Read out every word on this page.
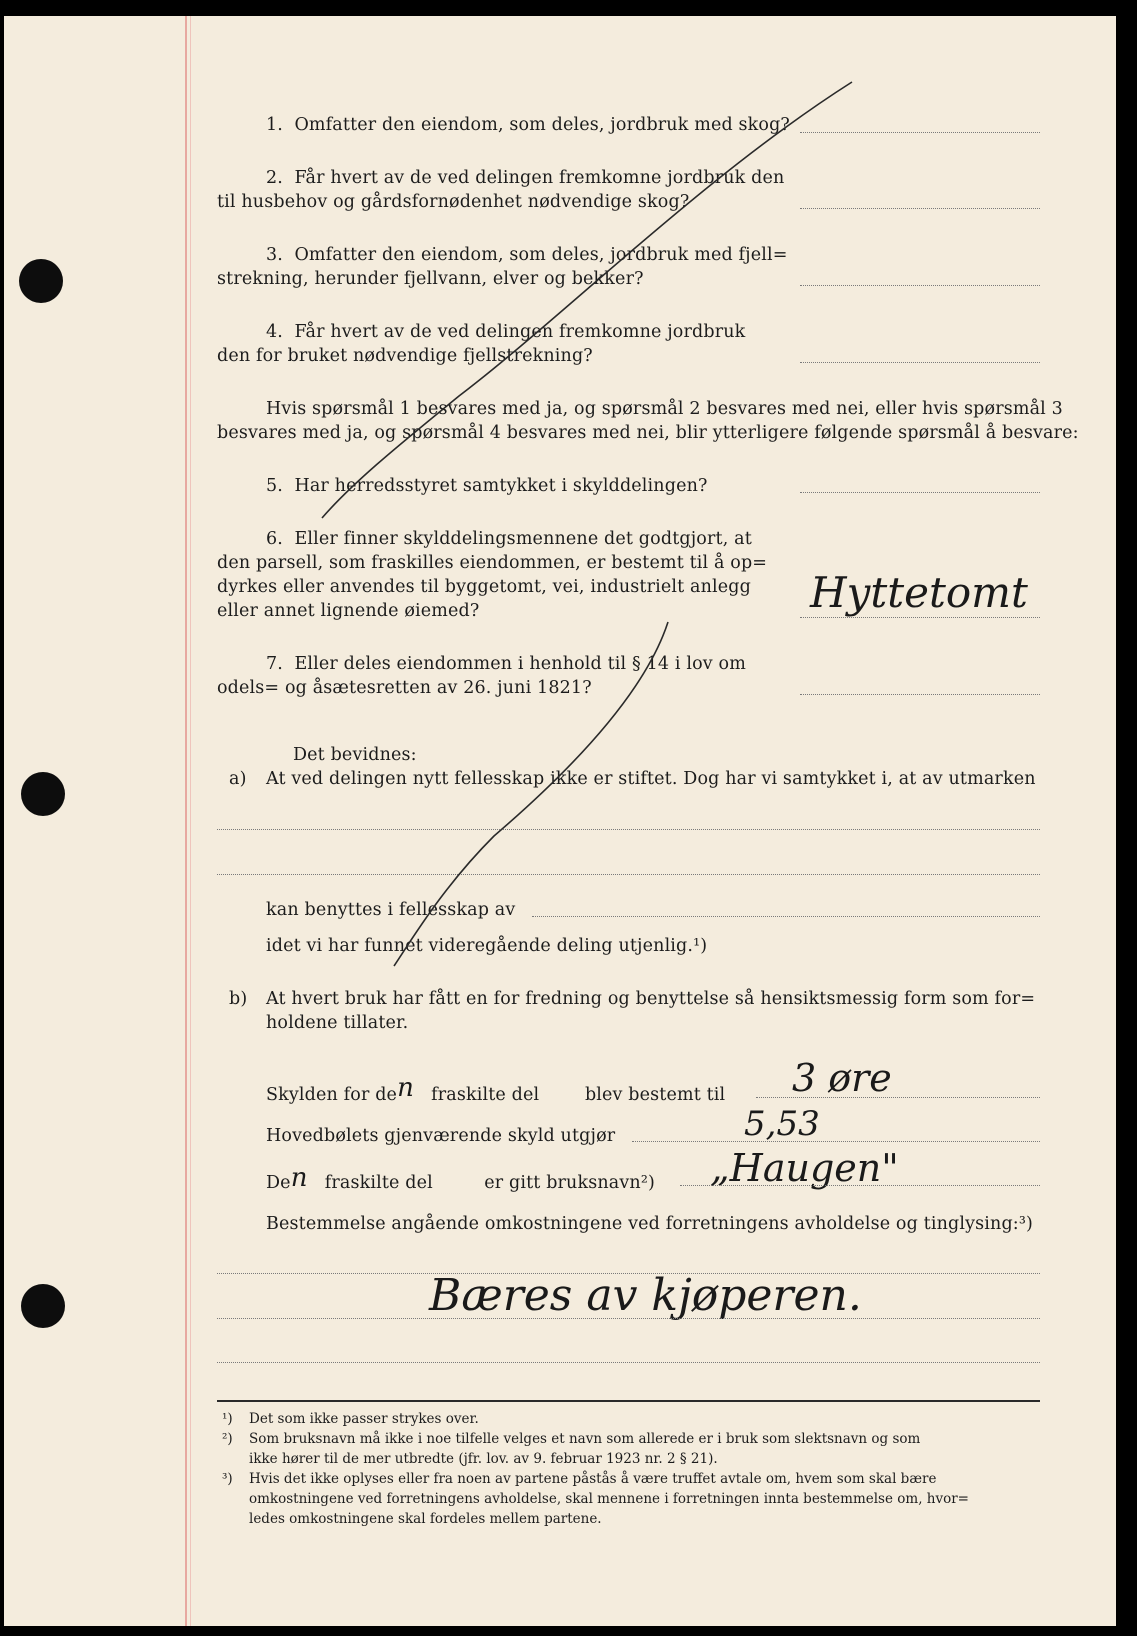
1. Omfatter den eiendom, som deles, jordbruk med skog?
2. Får hvert av de ved delingen fremkomne jordbruk den
til husbehov og gårdsfornødenhet nødvendige skog?
3. Omfatter den eiendom, som deles, jordbruk med fjell=
strekning, herunder fjellvann, elver og bekker?
4. Får hvert av de ved delingen fremkomne jordbruk
den for bruket nødvendige fjellstrekning?
Hvis spørsmål 1 besvares med ja, og spørsmål 2 besvares med nei, eller hvis spørsmål 3
besvares med ja, og spørsmål 4 besvares med nei, blir ytterligere følgende spørsmål å besvare:
5. Har herredsstyret samtykket i skylddelingen?
6. Eller finner skylddelingsmennene det godtgjort, at
den parsell, som fraskilles eiendommen, er bestemt til å op=
dyrkes eller anvendes til byggetomt, vei, industrielt anlegg
eller annet lignende øiemed?	Hyttetomt
7. Eller deles eiendommen i henhold til § 14 i lov om
odels= og åsætesretten av 26. juni 1821?
Det bevidnes:
a) At ved delingen nytt fellesskap ikke er stiftet. Dog har vi samtykket i, at av utmarken
kan benyttes i fellesskap av
idet vi har funnet videregående deling utjenlig.¹)
b) At hvert bruk har fått en for fredning og benyttelse så hensiktsmessig form som for=
holdene tillater.
Skylden for den fraskilte del	blev bestemt til 3 øre
Hovedbølets gjenværende skyld utgjør	5,53
Den fraskilte del	er gitt bruksnavn²) „Haugen"
Bestemmelse angående omkostningene ved forretningens avholdelse og tinglysing:³)
Bæres av kjøperen.
¹) Det som ikke passer strykes over.
²) Som bruksnavn må ikke i noe tilfelle velges et navn som allerede er i bruk som slektsnavn og som
ikke hører til de mer utbredte (jfr. lov. av 9. februar 1923 nr. 2 § 21).
³) Hvis det ikke oplyses eller fra noen av partene påstås å være truffet avtale om, hvem som skal bære
omkostningene ved forretningens avholdelse, skal mennene i forretningen innta bestemmelse om, hvor=
ledes omkostningene skal fordeles mellem partene.
